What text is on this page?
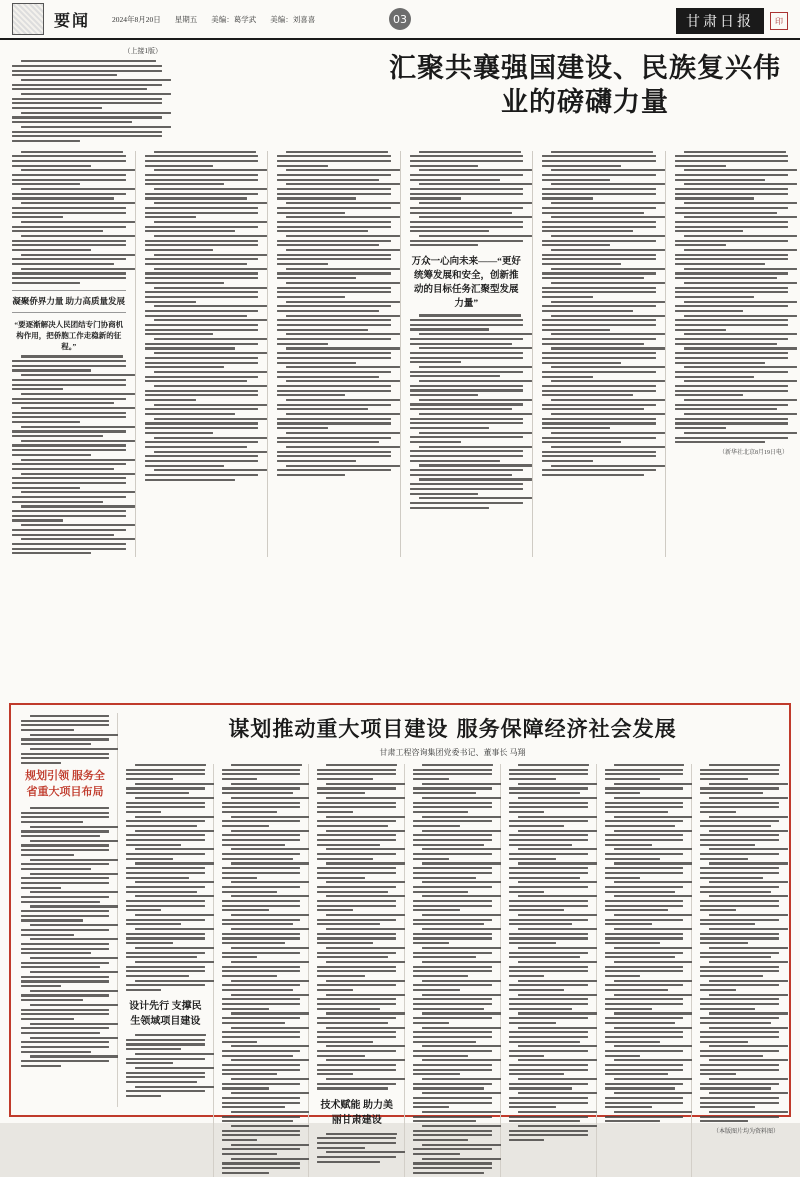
要闻	2024年8月20日 星期五 美编：葛学武 美编：刘喜喜	03	甘肃日报	印
（上接1版）
汇聚共襄强国建设、民族复兴伟业的磅礴力量
凝聚侨界力量 助力高质量发展
“要逐渐解决人民团结专门协商机构作用，把侨胞工作走稳新的征程。”
万众一心向未来——“更好统筹发展和安全，创新推动的目标任务汇聚型发展力量”
（新华社北京8月19日电）
规划引领 服务全省重大项目布局
谋划推动重大项目建设 服务保障经济社会发展
甘肃工程咨询集团党委书记、董事长 马翔
设计先行 支撑民生领域项目建设
技术赋能 助力美丽甘肃建设
（本版图片均为资料图）
